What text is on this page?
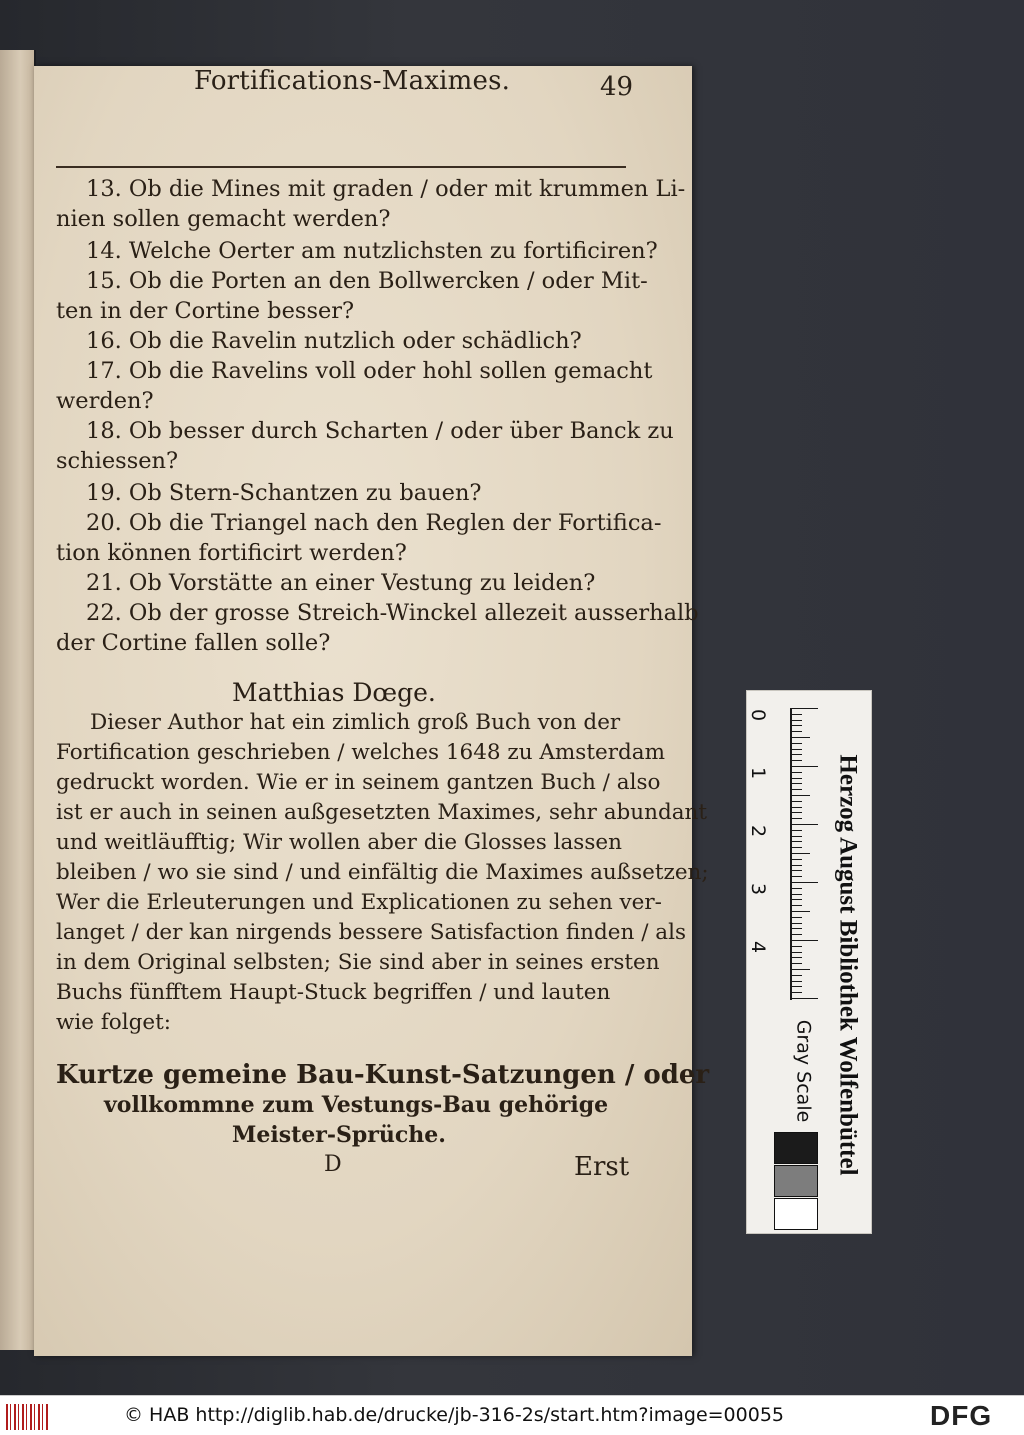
Fortifications-Maximes.	49
13. Ob die Mines mit graden / oder mit krummen Li-
nien sollen gemacht werden?
14. Welche Oerter am nutzlichsten zu fortificiren?
15. Ob die Porten an den Bollwercken / oder Mit-
ten in der Cortine besser?
16. Ob die Ravelin nutzlich oder schädlich?
17. Ob die Ravelins voll oder hohl sollen gemacht
werden?
18. Ob besser durch Scharten / oder über Banck zu
schiessen?
19. Ob Stern-Schantzen zu bauen?
20. Ob die Triangel nach den Reglen der Fortifica-
tion können fortificirt werden?
21. Ob Vorstätte an einer Vestung zu leiden?
22. Ob der grosse Streich-Winckel allezeit ausserhalb
der Cortine fallen solle?
Matthias Dœge.
Dieser Author hat ein zimlich groß Buch von der
Fortification geschrieben / welches 1648 zu Amsterdam
gedruckt worden. Wie er in seinem gantzen Buch / also
ist er auch in seinen außgesetzten Maximes, sehr abundant
und weitläufftig; Wir wollen aber die Glosses lassen
bleiben / wo sie sind / und einfältig die Maximes außsetzen;
Wer die Erleuterungen und Explicationen zu sehen ver-
langet / der kan nirgends bessere Satisfaction finden / als
in dem Original selbsten; Sie sind aber in seines ersten
Buchs fünfftem Haupt-Stuck begriffen / und lauten
wie folget:
Kurtze gemeine Bau-Kunst-Satzungen / oder
vollkommne zum Vestungs-Bau gehörige
Meister-Sprüche.
D	Erst
0
1
2
3
4
Gray Scale Herzog August Bibliothek Wolfenbüttel
© HAB http://diglib.hab.de/drucke/jb-316-2s/start.htm?image=00055	DFG
